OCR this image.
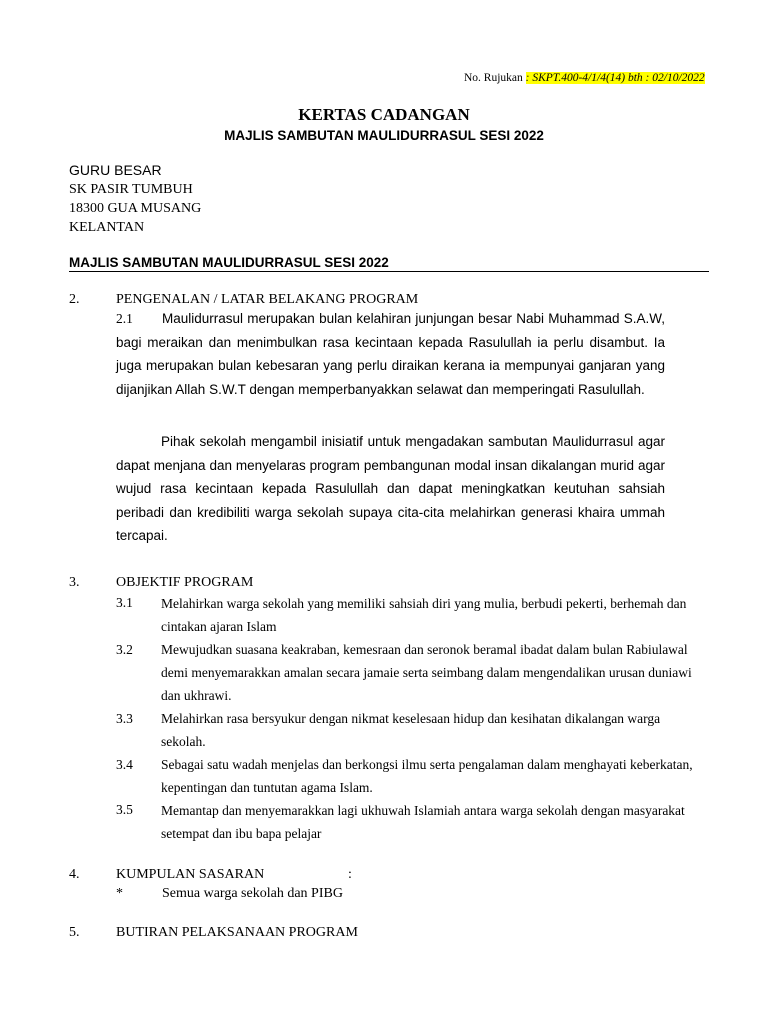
No. Rujukan : SKPT.400-4/1/4(14) bth : 02/10/2022
KERTAS CADANGAN
MAJLIS SAMBUTAN MAULIDURRASUL SESI 2022
GURU BESAR
SK PASIR TUMBUH
18300 GUA MUSANG
KELANTAN
MAJLIS SAMBUTAN MAULIDURRASUL SESI 2022
2.	PENGENALAN / LATAR BELAKANG PROGRAM
2.1	Maulidurrasul merupakan bulan kelahiran junjungan besar Nabi Muhammad S.A.W, bagi meraikan dan menimbulkan rasa kecintaan kepada Rasulullah ia perlu disambut. Ia juga merupakan bulan kebesaran yang perlu diraikan kerana ia mempunyai ganjaran yang dijanjikan Allah S.W.T dengan memperbanyakkan selawat dan memperingati Rasulullah.
Pihak sekolah mengambil inisiatif untuk mengadakan sambutan Maulidurrasul agar dapat menjana dan menyelaras program pembangunan modal insan dikalangan murid agar wujud rasa kecintaan kepada Rasulullah dan dapat meningkatkan keutuhan sahsiah peribadi dan kredibiliti warga sekolah supaya cita-cita melahirkan generasi khaira ummah tercapai.
3.	OBJEKTIF PROGRAM
3.1 Melahirkan warga sekolah yang memiliki sahsiah diri yang mulia, berbudi pekerti, berhemah dan cintakan ajaran Islam
3.2 Mewujudkan suasana keakraban, kemesraan dan seronok beramal ibadat dalam bulan Rabiulawal demi menyemarakkan amalan secara jamaie serta seimbang dalam mengendalikan urusan duniawi dan ukhrawi.
3.3 Melahirkan rasa bersyukur dengan nikmat keselesaan hidup dan kesihatan dikalangan warga sekolah.
3.4 Sebagai satu wadah menjelas dan berkongsi ilmu serta pengalaman dalam menghayati keberkatan, kepentingan dan tuntutan agama Islam.
3.5 Memantap dan menyemarakkan lagi ukhuwah Islamiah antara warga sekolah dengan masyarakat setempat dan ibu bapa pelajar
4.	KUMPULAN SASARAN	:
*	Semua warga sekolah dan PIBG
5.	BUTIRAN PELAKSANAAN PROGRAM
